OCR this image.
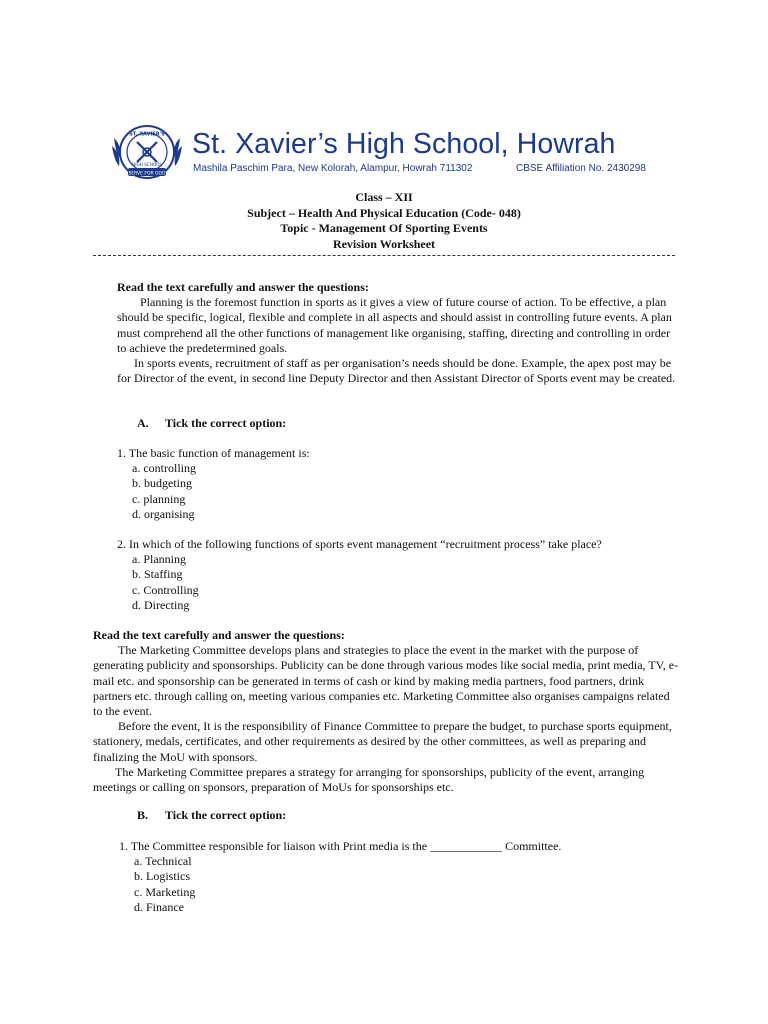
SERVE FOR GOD
ST. XAVIER'S
HIGH SCHOOL
St. Xavier’s High School, Howrah
Mashila Paschim Para, New Kolorah, Alampur, Howrah 711302	CBSE Affiliation No. 2430298
Class – XII
Subject – Health And Physical Education (Code- 048)
Topic - Management Of Sporting Events
Revision Worksheet

Read the text carefully and answer the questions:

Planning is the foremost function in sports as it gives a view of future course of action. To be effective, a plan should be specific, logical, flexible and complete in all aspects and should assist in controlling future events. A plan must comprehend all the other functions of management like organising, staffing, directing and controlling in order to achieve the predetermined goals.

In sports events, recruitment of staff as per organisation’s needs should be done. Example, the apex post may be for Director of the event, in second line Deputy Director and then Assistant Director of Sports event may be created.

A. Tick the correct option:

1. The basic function of management is:

a. controlling

b. budgeting

c. planning

d. organising

2. In which of the following functions of sports event management “recruitment process” take place?

a. Planning

b. Staffing

c. Controlling

d. Directing

Read the text carefully and answer the questions:

The Marketing Committee develops plans and strategies to place the event in the market with the purpose of generating publicity and sponsorships. Publicity can be done through various modes like social media, print media, TV, e-mail etc. and sponsorship can be generated in terms of cash or kind by making media partners, food partners, drink partners etc. through calling on, meeting various companies etc. Marketing Committee also organises campaigns related to the event.

Before the event, It is the responsibility of Finance Committee to prepare the budget, to purchase sports equipment, stationery, medals, certificates, and other requirements as desired by the other committees, as well as preparing and finalizing the MoU with sponsors.

The Marketing Committee prepares a strategy for arranging for sponsorships, publicity of the event, arranging meetings or calling on sponsors, preparation of MoUs for sponsorships etc.

B. Tick the correct option:

1. The Committee responsible for liaison with Print media is the ____________ Committee.

a. Technical

b. Logistics

c. Marketing

d. Finance
